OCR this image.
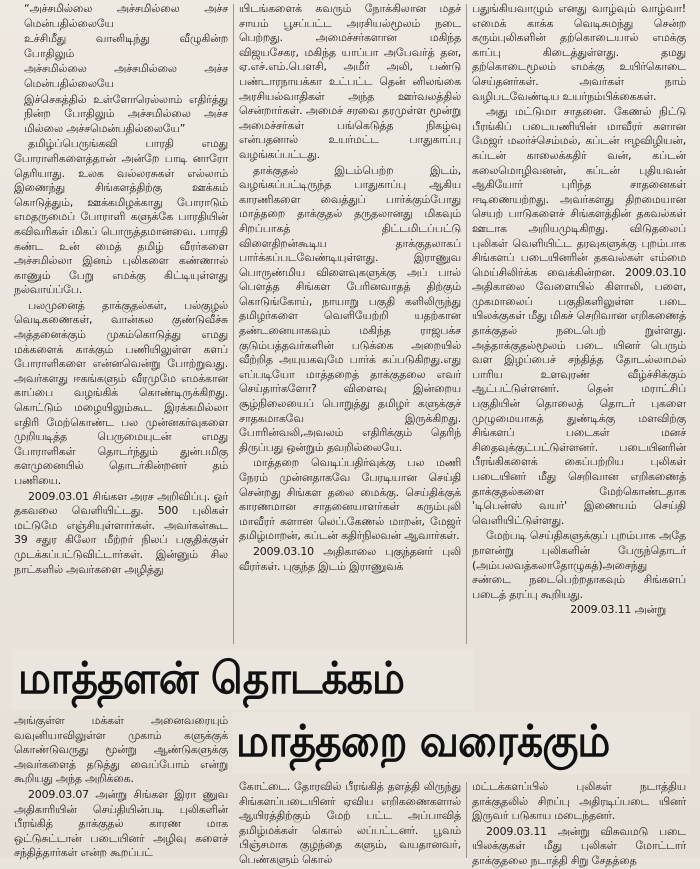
“அச்சமில்லை அச்சமில்லை அச்ச மென்பதில்லையே

உச்சிமீது வானிடிந்து வீழுகின்ற போதிலும்

அச்சமில்லை அச்சமில்லை அச்ச மென்பதில்லையே

இச்செகத்தில் உள்ளோரெல்லாம் எதிர்த்து நின்ற போதிலும் அச்சமில்லை அச்ச மில்லை அச்சமென்பதில்லையே”

தமிழ்ப்பெருங்கவி பாரதி எமது போராளிகளைத்தான் அன்றே பாடி னாரோ தெரியாது. உலக வல்லரசுகள் எல்லாம் இணைந்து சிங்களத்திற்கு ஊக்கம் கொடுத்தும், ஊக்கமிழக்காது போராடும் எமதருமைப் போராளி களுக்கே பாரதியின் கவிவரிகள் மிகப் பொருத்தமானவை. பாரதி கண்ட உன் மைத் தமிழ் வீரர்களை அச்சமில்லா இனம் புலிகளை கண்ணால் காணும் பேறு எமக்கு கிட்டியுள்ளது நல்வாய்ப்பே.

பலமுனைத் தாக்குதல்கள், பல்குழல் வெடிகணைகள், வான்கல குண்டுவீச்சு அத்தனைக்கும் முகம்கொடுத்து எமது மக்களைக் காக்கும் பணியிலுள்ள களப் போராளிகளை என்னவென்று போற்றுவது. அவர்களது ஈகங்களும் வீரமுமே எமக்கான காப்பை வழங்கிக் கொண்டிருக்கிறது. கொட்டும் மழையிலும்கூட இரக்கமில்லா எதிரி மேற்கொண்ட பல முன்னகர்வுகளை முறியடித்த பெருமையுடன் எமது போராளிகள் தொடர்ந்தும் துன்பமிகு களமுனையில் தொடர்கின்றனர் தம் பணியை.

2009.03.01 சிங்கள அரச அறிவிப்பு. ஓர் தகவலை வெளியிட்டது. 500 புலிகள் மட்டுமே எஞ்சியுள்ளார்கள். அவர்கள்கூட 39 சதுர கிலோ மீற்றர் நிலப் பகுதிக்குள் முடக்கப்பட்டுவிட்டார்கள். இன்னும் சில நாட்களில் அவர்களை அழித்து

யிடங்களைக் கவரும் நோக்கிலான மதச் சாயம் பூசப்பட்ட அரசியல்மூலம் நடை பெற்றது. அமைச்சர்களான மகிந்த விஜயசேகர, மகிந்த யாப்பா அபேவர்த் தன, ஏ.எச்.எம்.பௌசி, அமீர் அலி, பண்டு பண்டாரநாயக்கா உட்பட்ட தென் னிலங்கை அரசியல்வாதிகள் அந்த ஊர்வலத்தில் சென்றார்கள். அமைச் சரவை தரமுள்ள மூன்று அமைச்சர்கள் பங்கெடுத்த நிகழ்வு என்பதனால் உயர்மட்ட பாதுகாப்பு வழங்கப்பட்டது.

தாக்குதல் இடம்பெற்ற இடம், வழங்கப்பட்டிருந்த பாதுகாப்பு ஆகிய காரணிகளை வைத்துப் பார்க்கும்போது மாத்தறை தாக்குதல் தருதலானது மிகவும் சிறப்பாகத் திட்டமிடப்பட்டு விளைதிறன்கூடிய தாக்குதலாகப் பார்க்கப்படவேண்டியுள்ளது. இராணுவ பொருண்மிய விளைவுகளுக்கு அப் பால் பௌத்த சிங்கள பேரினவாதத் திற்கும் கொடுங்கோய், நாயாறு பகுதி களிலிருந்து தமிழர்களை வெளியேற்றி யதற்கான தண்டனையாகவும் மகிந்த ராஜபக்ச குடும்பத்தவர்களின் படுக்கை அறையில் வீற்றித அயுயகவுமே பார்க் கப்படுகிறது.எது எப்படியோ மாத்தறைத் தாக்குதலை எவர் செய்தார்களோ? விளைவு இன்றைய சூழ்நிலையைப் பொறுத்து தமிழர் களுக்குச் சாதகமாகவே இருக்கிறது. போரின்வலி,அவலம் எதிரிக்கும் தெரிந் திருப்பது ஒன்றும் தவறில்லையே.

மாத்தறை வெடிப்பதிர்வுக்கு பல மணி நேரம் முன்னதாகவே பேரடியான செய்தி சென்றது சிங்கள தலை மைக்கு. செய்திக்குக் காரணமான சாதனையாளர்கள் கரும்புலி மாவீரர் களான லெப்.கேணல் மாறன், மேஜர் தமிழ்மாறன், கப்டன் கதிர்நிலவன் ஆவார்கள்.

2009.03.10 அதிகாலை புகுந்தனர் புலி வீரர்கள். புகுந்த இடம் இராணுவக்

பதுங்கியவாழும் எனது வாழ்வும் வாழ்வா! எமைக் காக்க வெடிசுமந்து சென்ற கரும்புலிகளின் தற்கொடையால் எமக்கு காப்பு கிடைத்துள்ளது. தமது தற்கொடைமூலம் எமக்கு உயிர்கொடை செய்தனர்கள். அவர்கள் நாம் வழிபடவேண்டிய உயர்நம்பிக்கைகள்.

அது மட்டுமா சாதனை. கேணல் நிட்டு பீரங்கிப் படையணியின் மாவீரர் களான மேஜர் மலர்ச்செம்மல், கப்டன் ஈழவிழியன், கப்டன் காலைக்கதிர் வன், கப்டன் கலைமொழிவனன், கப்டன் புதியவன் ஆகியோர் புரிந்த சாதனைகள் ஈடிணையற்றது. அவர்களது திறமையான செயற் பாடுகளைச் சிங்களத்தின் தகவல்கள் ஊடாக அறியமுடிகிறது. விடுதலைப் புலிகள் வெளியிட்ட தரவுகளுக்கு புறம்பாக சிங்களப் படையினரின் தகவல்கள் எம்மை மெய்சிலிர்க்க வைக்கின்றன. 2009.03.10 அதிகாலை வேளையில் கிளாலி, பளை, முகமாலைப் பகுதிகளிலுள்ள படை யிலக்குகள் மீது மிகச் செறிவான எறிகணைத் தாக்குதல் நடைபெற் றுள்ளது. அத்தாக்குதல்மூலம் படை யினர் பெரும் வள இழப்பைச் சந்தித்த தோடல்லாமல் பாரிய உளவுரண் வீழ்ச்சிக்கும் ஆட்பட்டுள்ளனர். தென் மராட்சிப் பகுதியின் தொலைத் தொடர் புகளை முழுமையாகத் துண்டிக்கு மளவிற்கு சிங்களப் படைகள் மனச் சிதைவுக்குட்பட்டுள்ளனர். படையினரின் பீரங்கிகளைக் கைப்பற்றிய புலிகள் படையினர் மீது செறிவான எறிகணைத் தாக்குதல்களை மேற்கொண்டதாக 'டிபென்ஸ் வயர்' இணையம் செய்தி வெளியிட்டுள்ளது.

மேற்படி செய்திகளுக்குப் புறம்பாக அதே நாளன்று புலிகளின் பேருந்தொடர் (அம்பலவத்கலாதோழுகத்)அசைந்து சண்டை நடைபெற்றதாகவும் சிங்களப் படைத் தரப்பு கூறியது.

2009.03.11 அன்று

மாத்தளன் தொடக்கம்

அங்குள்ள மக்கள் அனைவரையும் வவுனியாவிலுள்ள முகாம் களுக்குக் கொண்டுவருது மூன்று ஆண்டுகளுக்கு அவர்களைத் தடுத்து வைப்போம் என்று கூறியது அந்த அறிக்கை.

2009.03.07 அன்று சிங்கள இரா ணுவ அதிகாரியின் செய்தியின்படி புலிகளின் பீரங்கித் தாக்குதல் காரண மாக ஒட்டுசுட்டான் படையினர் அழிவு களைச் சந்தித்தார்கள் என்ற கூறப்பட்

மாத்தறை வரைக்கும்

கோட்டை. தோரவில் பீரங்கித் தளத்தி லிருந்து சிங்களப்படையினர் ஏவிய எறிகணைகளால் ஆயிரத்திற்கும் மேற் பட்ட அப்பாவித் தமிழ்மக்கள் கொல் லப்பட்டனர். பூவம் பிஞ்சமாக குழந்தை களும், வயதானவர், பெண்களும் கொல்

மட்டக்களப்பில் புலிகள் நடாத்திய தாக்குதலில் சிறப்பு அதிரடிப்படை யினர் இருவர் படுகாய மடைந்தனர்.

2009.03.11 அன்று விசுவமடு படை யிலக்குகள் மீது புலிகள் மோட்டார் தாக்குதலை நடாத்தி சிறு சேதத்தை
